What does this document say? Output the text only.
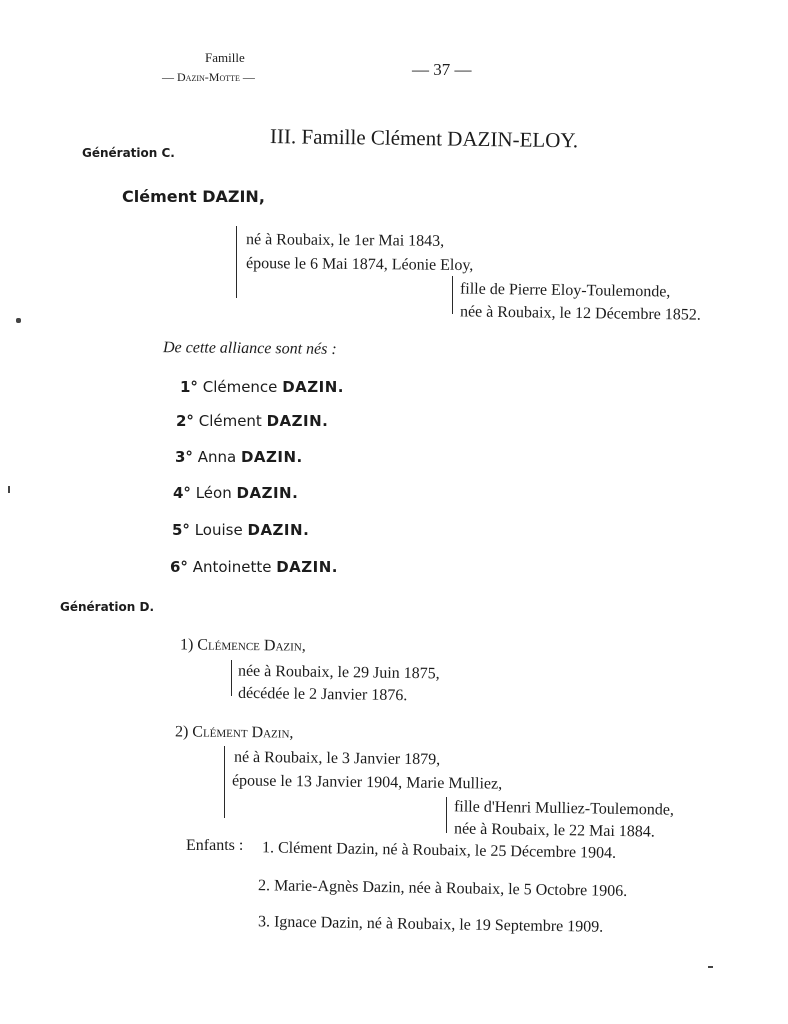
Famille
— Dazin-Motte —	— 37 —
III. Famille Clément DAZIN-ELOY.
Génération C.
Clément DAZIN,
né à Roubaix, le 1er Mai 1843,
épouse le 6 Mai 1874, Léonie Eloy,
fille de Pierre Eloy-Toulemonde,
née à Roubaix, le 12 Décembre 1852.
De cette alliance sont nés :
1° Clémence DAZIN.
2° Clément DAZIN.
3° Anna DAZIN.
4° Léon DAZIN.
5° Louise DAZIN.
6° Antoinette DAZIN.
Génération D.
1) Clémence Dazin,
née à Roubaix, le 29 Juin 1875,
décédée le 2 Janvier 1876.
2) Clément Dazin,
né à Roubaix, le 3 Janvier 1879,
épouse le 13 Janvier 1904, Marie Mulliez,
fille d'Henri Mulliez-Toulemonde,
née à Roubaix, le 22 Mai 1884.
Enfants : 1. Clément Dazin, né à Roubaix, le 25 Décembre 1904.
2. Marie-Agnès Dazin, née à Roubaix, le 5 Octobre 1906.
3. Ignace Dazin, né à Roubaix, le 19 Septembre 1909.
